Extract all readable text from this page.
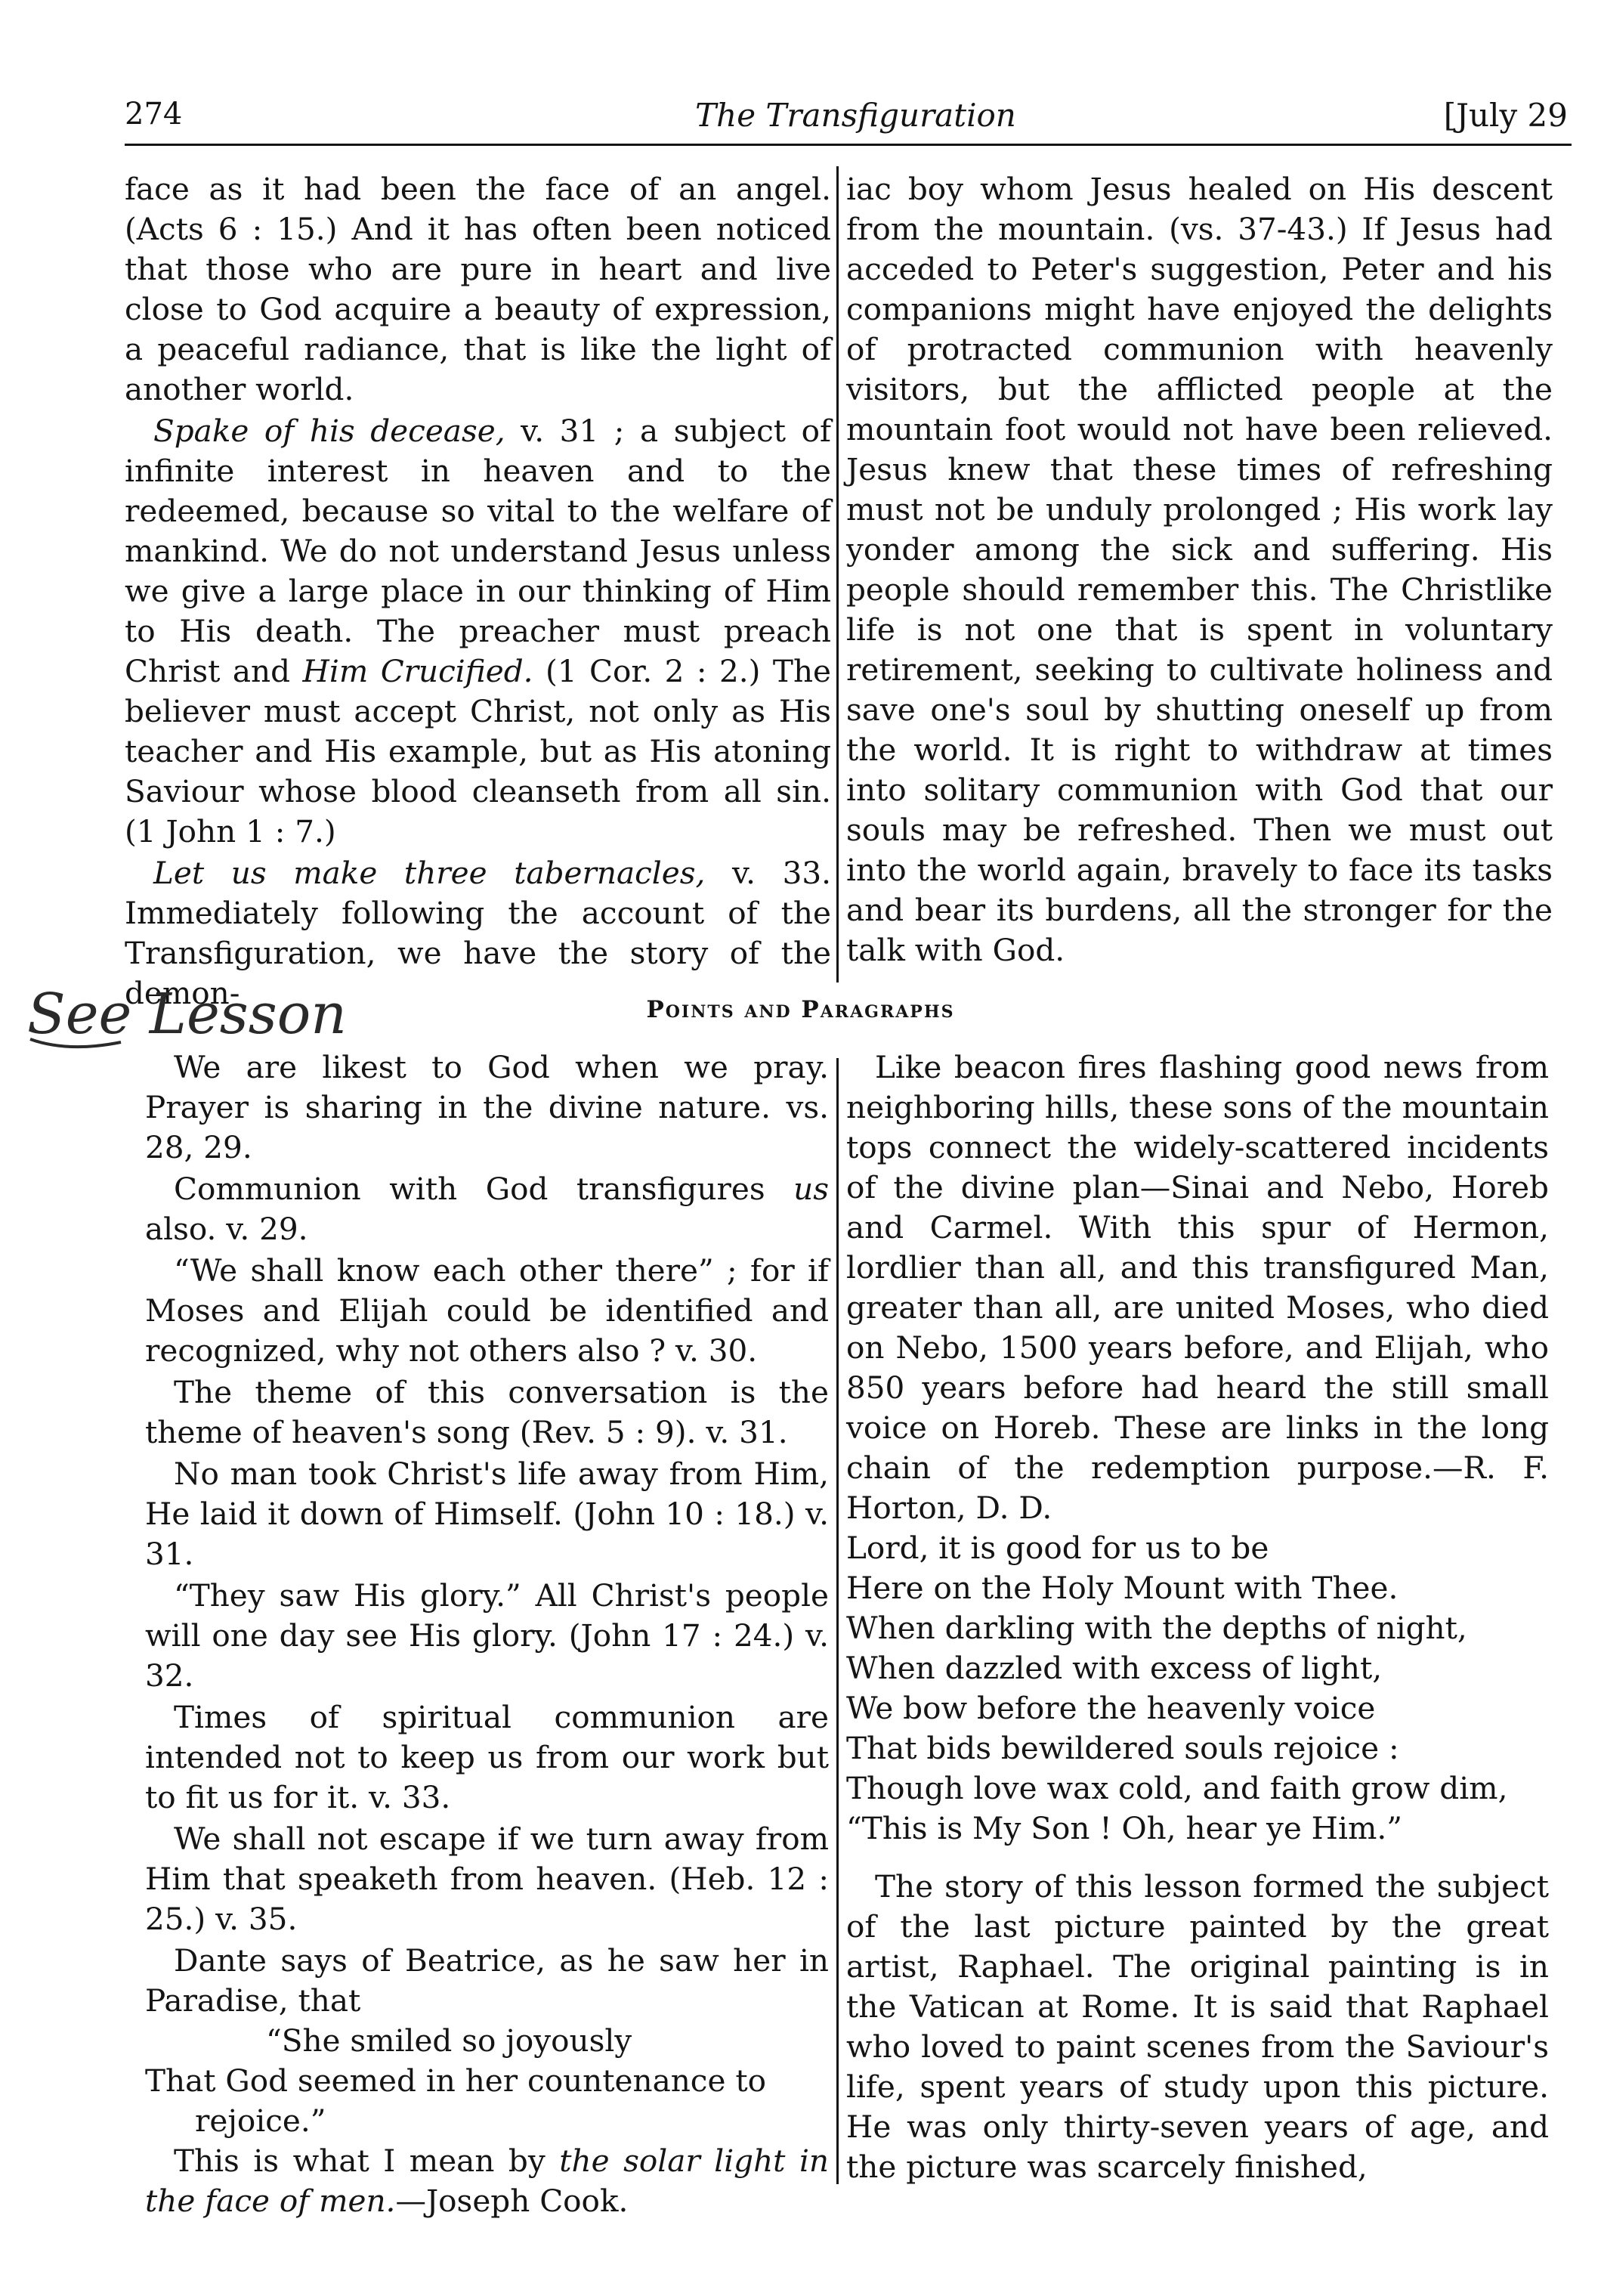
274	The Transfiguration	[July 29

face as it had been the face of an angel. (Acts 6 : 15.) And it has often been noticed that those who are pure in heart and live close to God acquire a beauty of expression, a peaceful radiance, that is like the light of another world.

Spake of his decease, v. 31 ; a subject of infinite interest in heaven and to the redeemed, because so vital to the welfare of mankind. We do not understand Jesus unless we give a large place in our thinking of Him to His death. The preacher must preach Christ and Him Crucified. (1 Cor. 2 : 2.) The believer must accept Christ, not only as His teacher and His example, but as His atoning Saviour whose blood cleanseth from all sin. (1 John 1 : 7.)

Let us make three tabernacles, v. 33. Immediately following the account of the Transfiguration, we have the story of the demon-

iac boy whom Jesus healed on His descent from the mountain. (vs. 37-43.) If Jesus had acceded to Peter's suggestion, Peter and his companions might have enjoyed the delights of protracted communion with heavenly visitors, but the afflicted people at the mountain foot would not have been relieved. Jesus knew that these times of refreshing must not be unduly prolonged ; His work lay yonder among the sick and suffering. His people should remember this. The Christlike life is not one that is spent in voluntary retirement, seeking to cultivate holiness and save one's soul by shutting oneself up from the world. It is right to withdraw at times into solitary communion with God that our souls may be refreshed. Then we must out into the world again, bravely to face its tasks and bear its burdens, all the stronger for the talk with God.

See Lesson	Points and Paragraphs

We are likest to God when we pray. Prayer is sharing in the divine nature. vs. 28, 29.

Communion with God transfigures us also. v. 29.

“We shall know each other there” ; for if Moses and Elijah could be identified and recognized, why not others also ? v. 30.

The theme of this conversation is the theme of heaven's song (Rev. 5 : 9). v. 31.

No man took Christ's life away from Him, He laid it down of Himself. (John 10 : 18.) v. 31.

“They saw His glory.” All Christ's people will one day see His glory. (John 17 : 24.) v. 32.

Times of spiritual communion are intended not to keep us from our work but to fit us for it. v. 33.

We shall not escape if we turn away from Him that speaketh from heaven. (Heb. 12 : 25.) v. 35.

Dante says of Beatrice, as he saw her in Paradise, that

“She smiled so joyously

That God seemed in her countenance to

rejoice.”

This is what I mean by the solar light in the face of men.—Joseph Cook.

Like beacon fires flashing good news from neighboring hills, these sons of the mountain tops connect the widely-scattered incidents of the divine plan—Sinai and Nebo, Horeb and Carmel. With this spur of Hermon, lordlier than all, and this transfigured Man, greater than all, are united Moses, who died on Nebo, 1500 years before, and Elijah, who 850 years before had heard the still small voice on Horeb. These are links in the long chain of the redemption purpose.—R. F. Horton, D. D.

Lord, it is good for us to be

Here on the Holy Mount with Thee.

When darkling with the depths of night,

When dazzled with excess of light,

We bow before the heavenly voice

That bids bewildered souls rejoice :

Though love wax cold, and faith grow dim,

“This is My Son ! Oh, hear ye Him.”

The story of this lesson formed the subject of the last picture painted by the great artist, Raphael. The original painting is in the Vatican at Rome. It is said that Raphael who loved to paint scenes from the Saviour's life, spent years of study upon this picture. He was only thirty-seven years of age, and the picture was scarcely finished,
